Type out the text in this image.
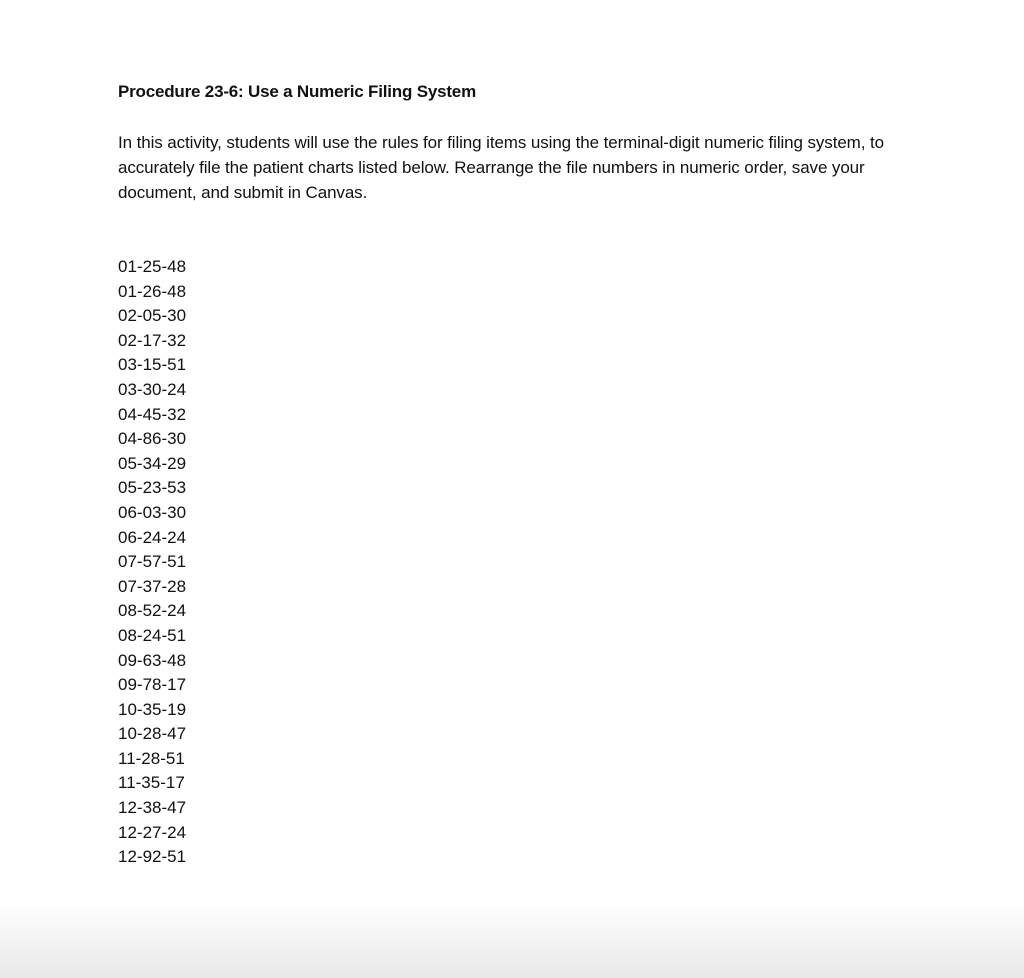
Procedure 23-6: Use a Numeric Filing System

In this activity, students will use the rules for filing items using the terminal-digit numeric filing system, to accurately file the patient charts listed below. Rearrange the file numbers in numeric order, save your document, and submit in Canvas.

01-25-48
01-26-48
02-05-30
02-17-32
03-15-51
03-30-24
04-45-32
04-86-30
05-34-29
05-23-53
06-03-30
06-24-24
07-57-51
07-37-28
08-52-24
08-24-51
09-63-48
09-78-17
10-35-19
10-28-47
11-28-51
11-35-17
12-38-47
12-27-24
12-92-51
